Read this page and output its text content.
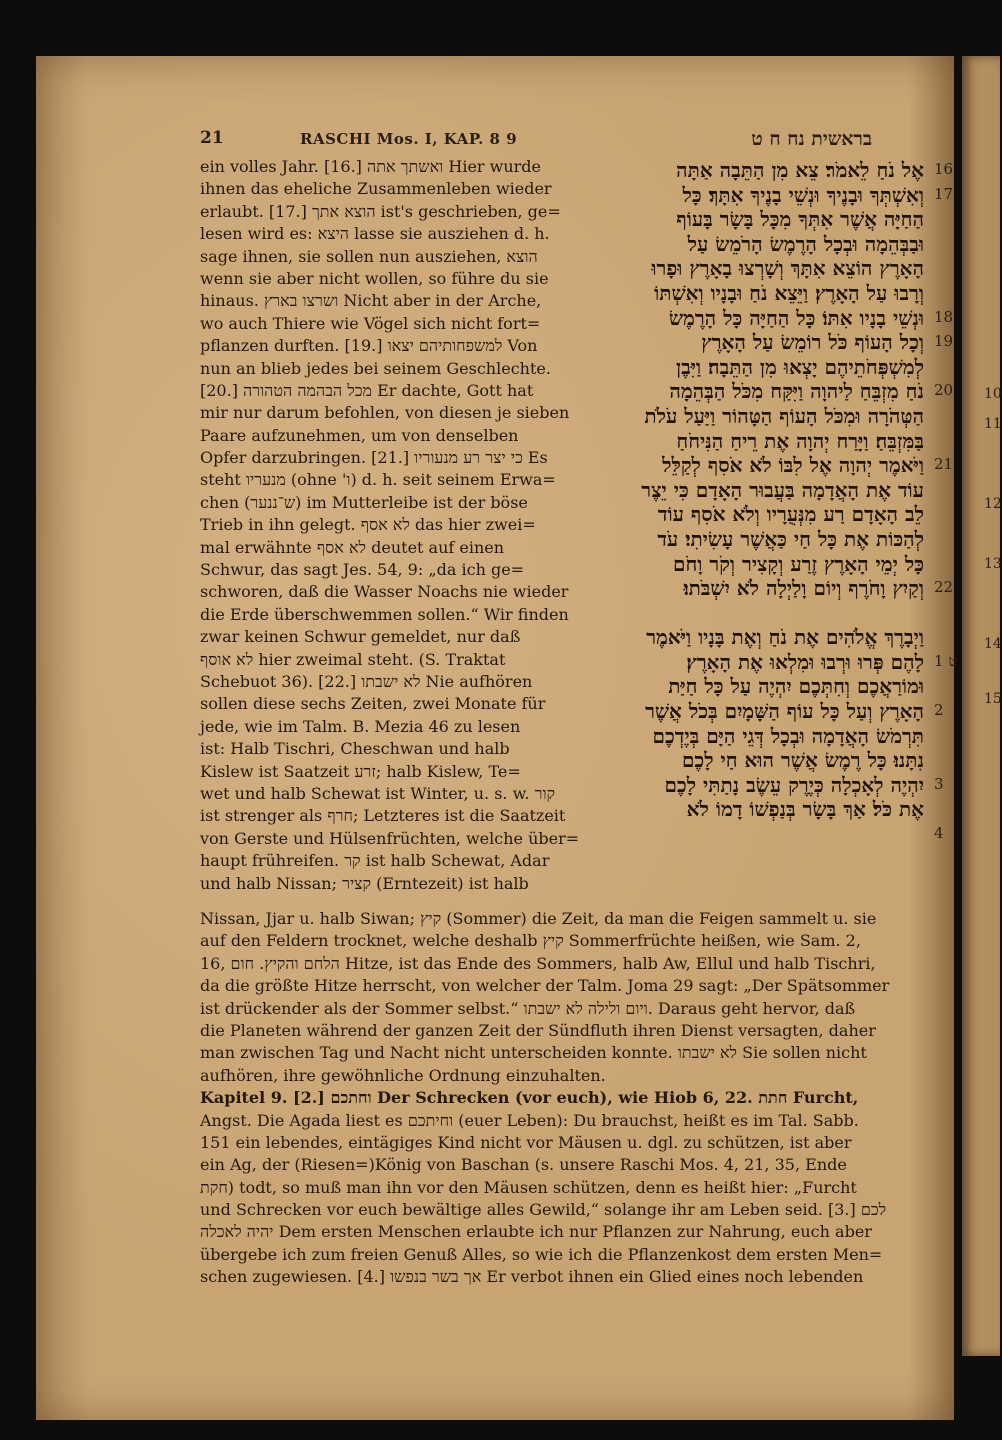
10
11
12
13
14
15
21	RASCHI Mos. I, KAP. 8 9	בראשית נח ח ט
ein volles Jahr. [16.] ואשתך אתה Hier wurde
ihnen das eheliche Zusammenleben wieder
erlaubt. [17.] הוצא אתך ist's geschrieben, ge=
lesen wird es: היצא lasse sie ausziehen d. h.
sage ihnen, sie sollen nun ausziehen, הוצא
wenn sie aber nicht wollen, so führe du sie
hinaus. ושרצו בארץ Nicht aber in der Arche,
wo auch Thiere wie Vögel sich nicht fort=
pflanzen durften. [19.] למשפחותיהם יצאו Von
nun an blieb jedes bei seinem Geschlechte.
[20.] מכל הבהמה הטהורה Er dachte, Gott hat
mir nur darum befohlen, von diesen je sieben
Paare aufzunehmen, um von denselben
Opfer darzubringen. [21.] כי יצר רע מנעוריו Es
steht מנעריו (ohne 'ו) d. h. seit seinem Erwa=
chen (ש־ננער) im Mutterleibe ist der böse
Trieb in ihn gelegt. לא אסף das hier zwei=
mal erwähnte לא אסף deutet auf einen
Schwur, das sagt Jes. 54, 9: „da ich ge=
schworen, daß die Wasser Noachs nie wieder
die Erde überschwemmen sollen.“ Wir finden
zwar keinen Schwur gemeldet, nur daß
לא אוסף hier zweimal steht. (S. Traktat
Schebuot 36). [22.] לא ישבתו Nie aufhören
sollen diese sechs Zeiten, zwei Monate für
jede, wie im Talm. B. Mezia 46 zu lesen
ist: Halb Tischri, Cheschwan und halb
Kislew ist Saatzeit זרע; halb Kislew, Te=
wet und halb Schewat ist Winter, u. s. w. קור
ist strenger als חרף; Letzteres ist die Saatzeit
von Gerste und Hülsenfrüchten, welche über=
haupt frühreifen. קר ist halb Schewat, Adar
und halb Nissan; קציר (Erntezeit) ist halb
אֶל נֹחַ לֵאמֹר׃ צֵא מִן הַתֵּבָה אַתָּה
וְאִשְׁתְּךָ וּבָנֶיךָ וּנְשֵׁי בָנֶיךָ אִתָּךְ׃ כָּל
הַחַיָּה אֲשֶׁר אִתְּךָ מִכָּל בָּשָׂר בָּעוֹף
וּבַבְּהֵמָה וּבְכָל הָרֶמֶשׂ הָרֹמֵשׂ עַל
הָאָרֶץ הוֹצֵא אִתָּךְ וְשָׁרְצוּ בָאָרֶץ וּפָרוּ
וְרָבוּ עַל הָאָרֶץ׃ וַיֵּצֵא נֹחַ וּבָנָיו וְאִשְׁתּוֹ
וּנְשֵׁי בָנָיו אִתּוֹ׃ כָּל הַחַיָּה כָּל הָרֶמֶשׂ
וְכָל הָעוֹף כֹּל רוֹמֵשׂ עַל הָאָרֶץ
לְמִשְׁפְּחֹתֵיהֶם יָצְאוּ מִן הַתֵּבָה׃ וַיִּבֶן
נֹחַ מִזְבֵּחַ לַיהוָה וַיִּקַּח מִכֹּל הַבְּהֵמָה
הַטְּהֹרָה וּמִכֹּל הָעוֹף הַטָּהוֹר וַיַּעַל עֹלֹת
בַּמִּזְבֵּחַ׃ וַיָּרַח יְהוָה אֶת רֵיחַ הַנִּיחֹחַ
וַיֹּאמֶר יְהוָה אֶל לִבּוֹ לֹא אֹסִף לְקַלֵּל
עוֹד אֶת הָאֲדָמָה בַּעֲבוּר הָאָדָם כִּי יֵצֶר
לֵב הָאָדָם רַע מִנְּעֻרָיו וְלֹא אֹסִף עוֹד
לְהַכּוֹת אֶת כָּל חַי כַּאֲשֶׁר עָשִׂיתִי׃ עֹד
כָּל יְמֵי הָאָרֶץ זֶרַע וְקָצִיר וְקֹר וָחֹם
וְקַיִץ וָחֹרֶף וְיוֹם וָלַיְלָה לֹא יִשְׁבֹּתוּ׃
וַיְבָרֶךְ אֱלֹהִים אֶת נֹחַ וְאֶת בָּנָיו וַיֹּאמֶר
לָהֶם פְּרוּ וּרְבוּ וּמִלְאוּ אֶת הָאָרֶץ׃
וּמוֹרַאֲכֶם וְחִתְּכֶם יִהְיֶה עַל כָּל חַיַּת
הָאָרֶץ וְעַל כָּל עוֹף הַשָּׁמָיִם בְּכֹל אֲשֶׁר
תִּרְמֹשׂ הָאֲדָמָה וּבְכָל דְּגֵי הַיָּם בְּיֶדְכֶם
נִתָּנוּ׃ כָּל רֶמֶשׂ אֲשֶׁר הוּא חַי לָכֶם
יִהְיֶה לְאָכְלָה כְּיֶרֶק עֵשֶׂב נָתַתִּי לָכֶם
אֶת כֹּל׃ אַךְ בָּשָׂר בְּנַפְשׁוֹ דָמוֹ לֹא
16
17
18
19
20
21
22
1 ט
2
3
4
Nissan, Jjar u. halb Siwan; קיץ (Sommer) die Zeit, da man die Feigen sammelt u. sie
auf den Feldern trocknet, welche deshalb קיץ Sommerfrüchte heißen, wie Sam. 2,
16, הלחם והקיץ. חום Hitze, ist das Ende des Sommers, halb Aw, Ellul und halb Tischri,
da die größte Hitze herrscht, von welcher der Talm. Joma 29 sagt: „Der Spätsommer
ist drückender als der Sommer selbst.“ ויום ולילה לא ישבתו. Daraus geht hervor, daß
die Planeten während der ganzen Zeit der Sündfluth ihren Dienst versagten, daher
man zwischen Tag und Nacht nicht unterscheiden konnte. לא ישבתו Sie sollen nicht
aufhören, ihre gewöhnliche Ordnung einzuhalten.
Kapitel 9. [2.] וחתכם Der Schrecken (vor euch), wie Hiob 6, 22. חתת Furcht,
Angst. Die Agada liest es וחיתכם (euer Leben): Du brauchst, heißt es im Tal. Sabb.
151 ein lebendes, eintägiges Kind nicht vor Mäusen u. dgl. zu schützen, ist aber
ein Ag, der (Riesen=)König von Baschan (s. unsere Raschi Mos. 4, 21, 35, Ende
חקת) todt, so muß man ihn vor den Mäusen schützen, denn es heißt hier: „Furcht
und Schrecken vor euch bewältige alles Gewild,“ solange ihr am Leben seid. [3.] לכם
יהיה לאכלה Dem ersten Menschen erlaubte ich nur Pflanzen zur Nahrung, euch aber
übergebe ich zum freien Genuß Alles, so wie ich die Pflanzenkost dem ersten Men=
schen zugewiesen. [4.] אך בשר בנפשו Er verbot ihnen ein Glied eines noch lebenden
